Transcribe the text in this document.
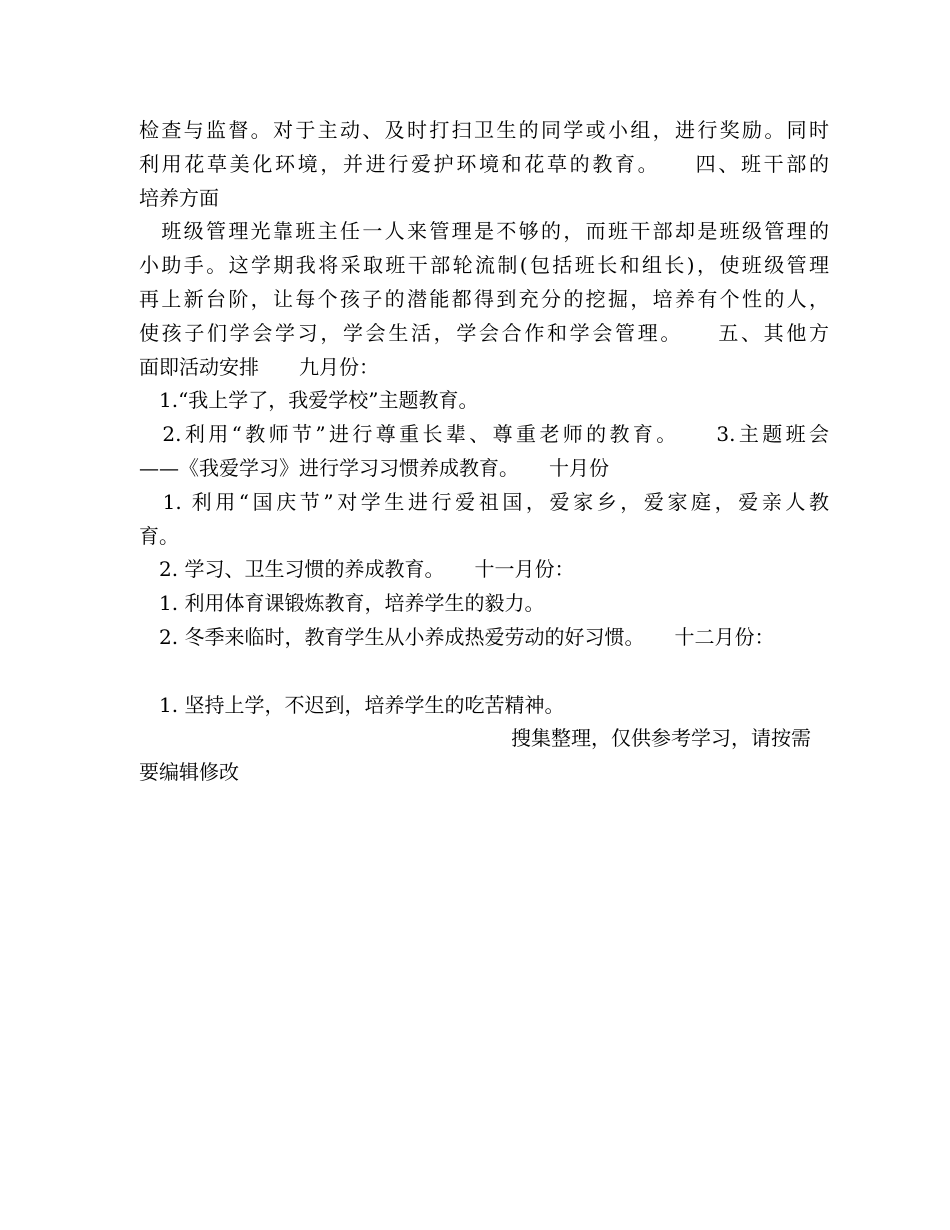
检查与监督。对于主动、及时打扫卫生的同学或小组，进行奖励。同时
利用花草美化环境，并进行爱护环境和花草的教育。　　四、班干部的
培养方面
　班级管理光靠班主任一人来管理是不够的，而班干部却是班级管理的
小助手。这学期我将采取班干部轮流制(包括班长和组长)，使班级管理
再上新台阶，让每个孩子的潜能都得到充分的挖掘，培养有个性的人，
使孩子们学会学习，学会生活，学会合作和学会管理。　　五、其他方
面即活动安排　　九月份：
　1.“我上学了，我爱学校”主题教育。
　2.利用“教师节”进行尊重长辈、尊重老师的教育。　　3.主题班会
——《我爱学习》进行学习习惯养成教育。　　十月份
　1. 利用“国庆节”对学生进行爱祖国，爱家乡，爱家庭，爱亲人教
育。
　2. 学习、卫生习惯的养成教育。　　十一月份：
　1. 利用体育课锻炼教育，培养学生的毅力。
　2. 冬季来临时，教育学生从小养成热爱劳动的好习惯。　　十二月份：
　1. 坚持上学，不迟到，培养学生的吃苦精神。
搜集整理，仅供参考学习，请按需
要编辑修改
